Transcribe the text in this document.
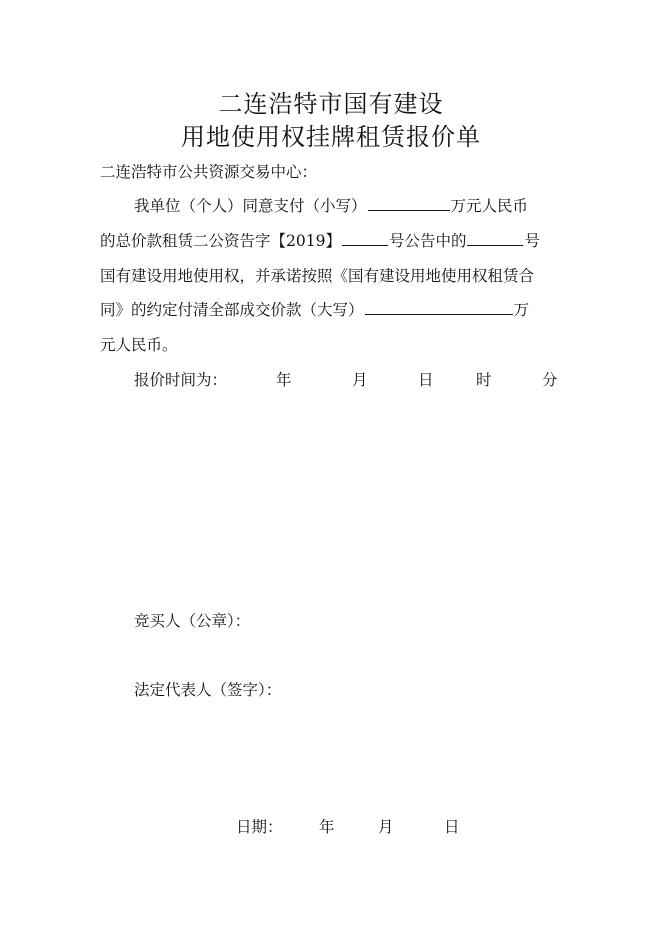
二连浩特市国有建设
用地使用权挂牌租赁报价单
二连浩特市公共资源交易中心：
我单位（个人）同意支付（小写）	万元人民币
的总价款租赁二公资告字【2019】	号公告中的	号
国有建设用地使用权，并承诺按照《国有建设用地使用权租赁合
同》的约定付清全部成交价款（大写）	万
元人民币。
报价时间为：	年	月	日	时	分
竞买人（公章）：
法定代表人（签字）：
日期： 年	月	日
